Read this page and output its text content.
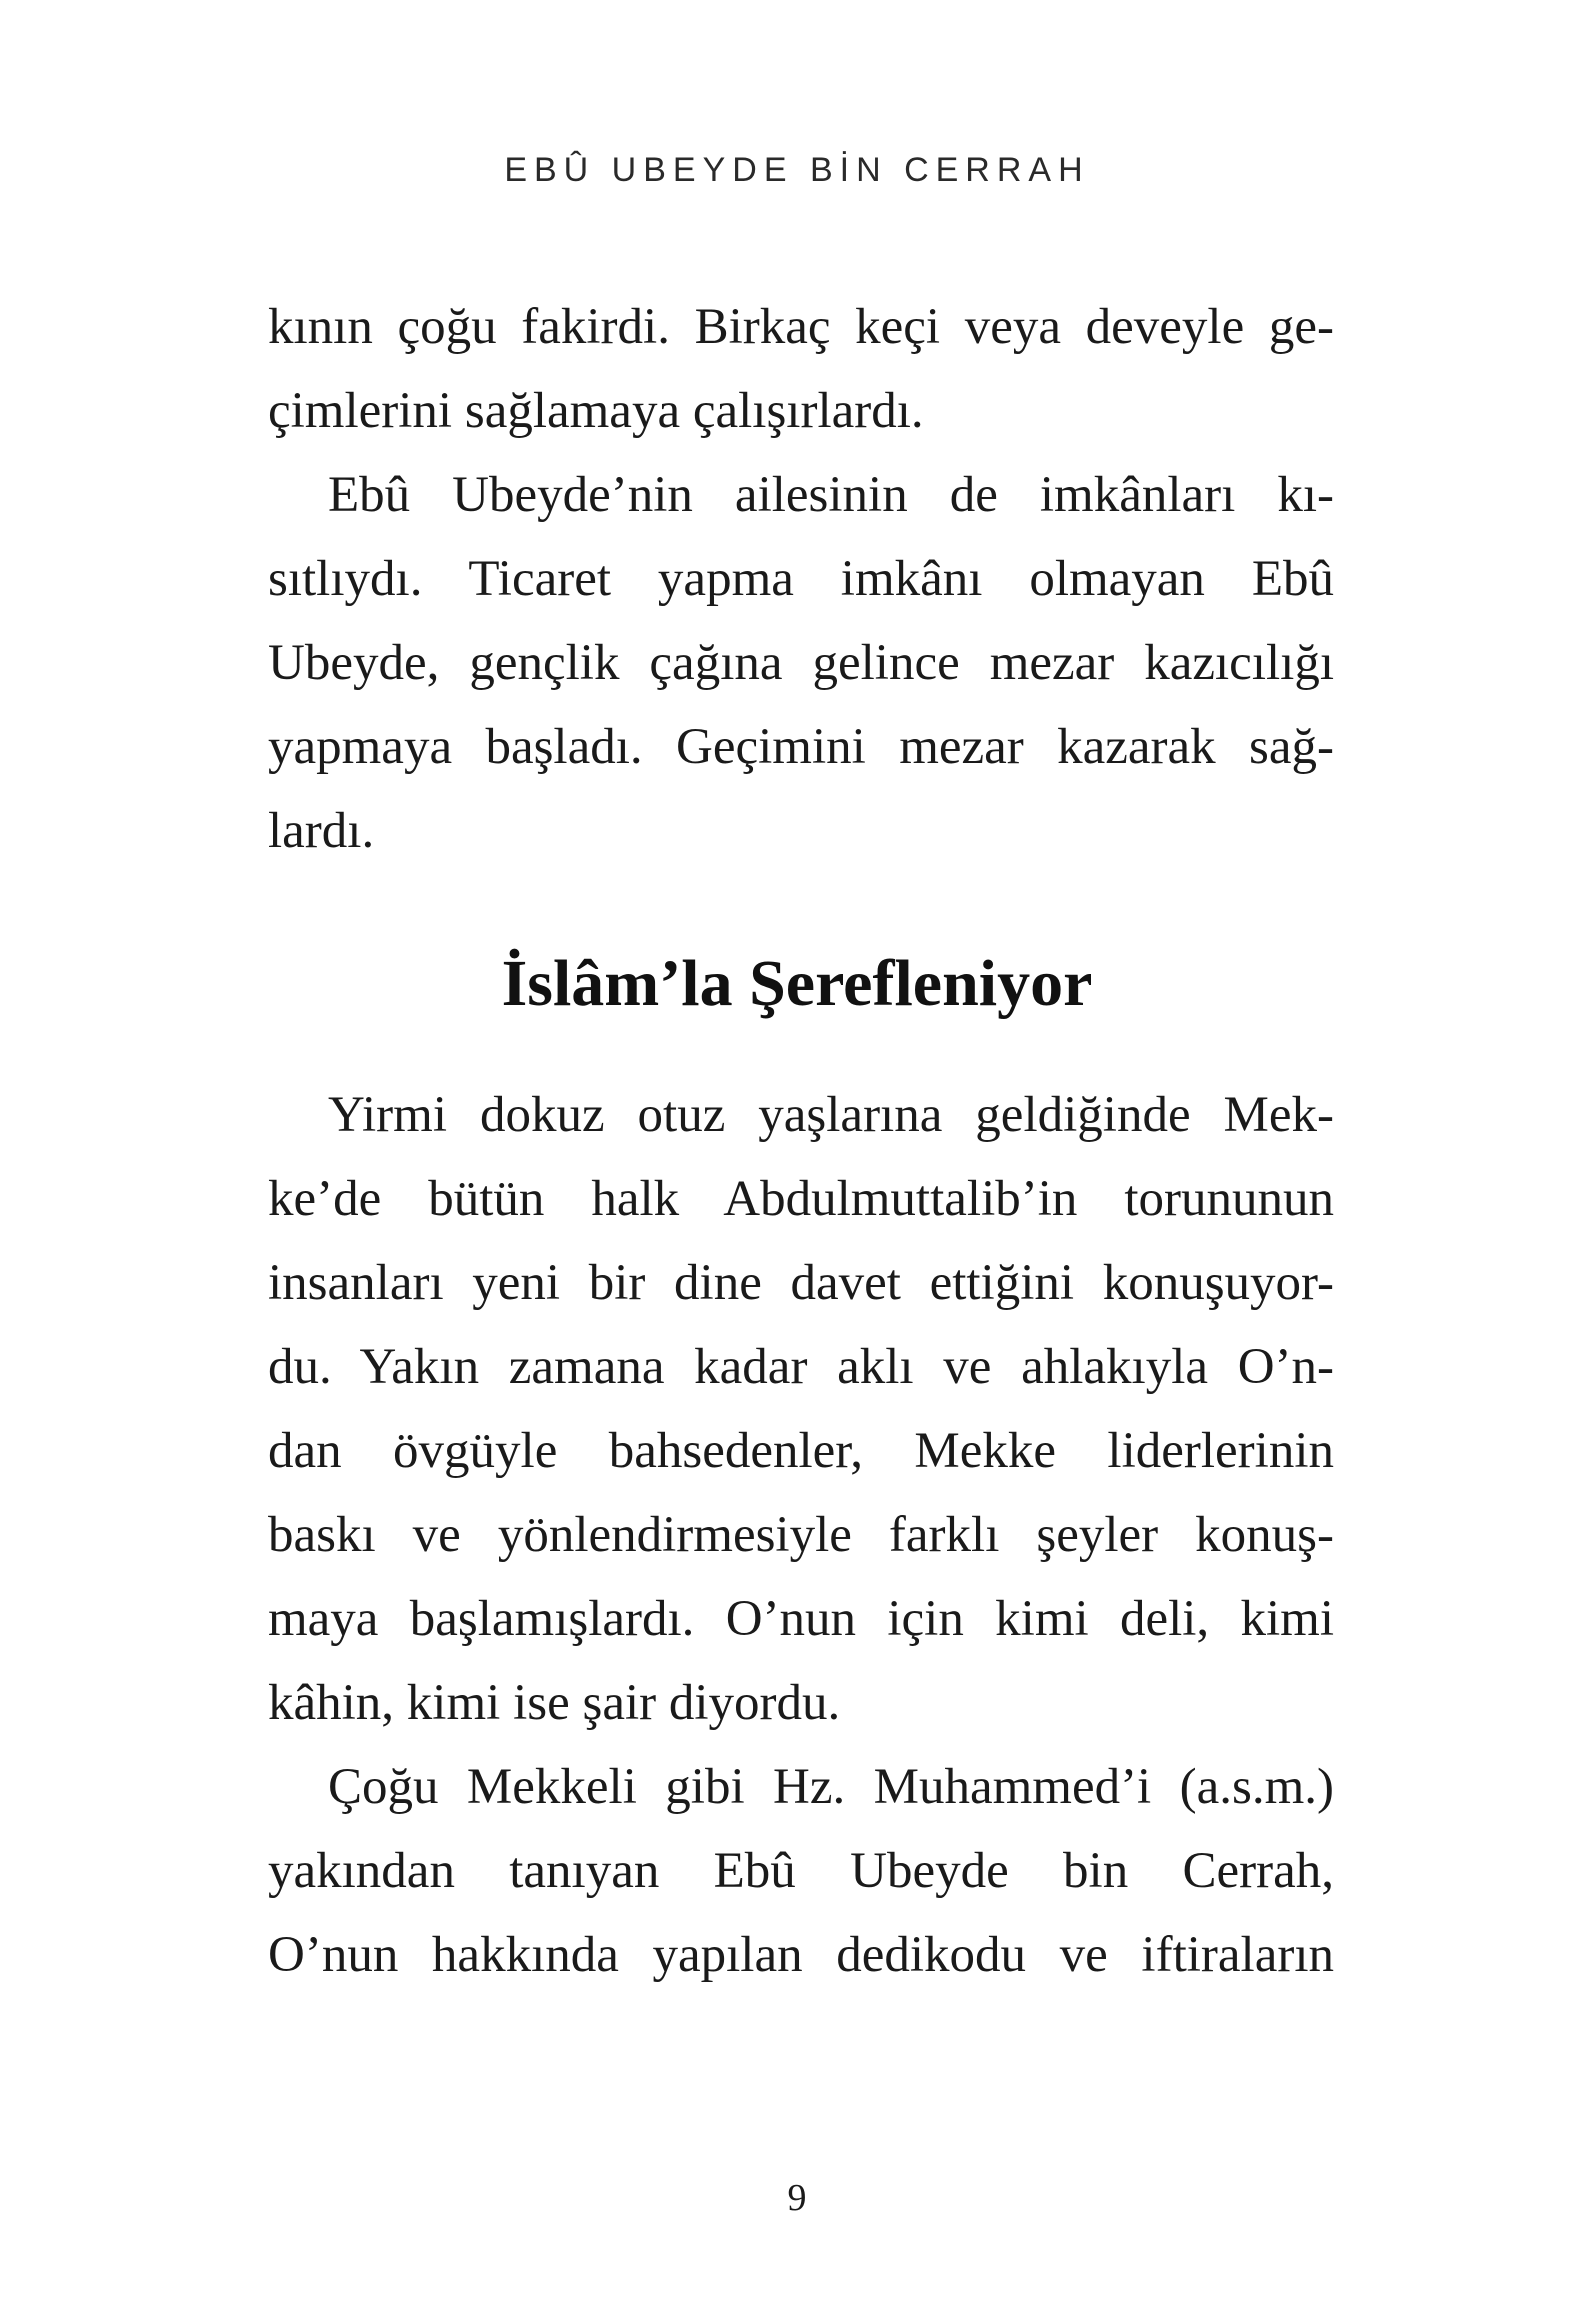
EBÛ UBEYDE BİN CERRAH

kının çoğu fakirdi. Birkaç keçi veya deveyle ge-
çimlerini sağlamaya çalışırlardı.

Ebû Ubeyde’nin ailesinin de imkânları kı-
sıtlıydı. Ticaret yapma imkânı olmayan Ebû
Ubeyde, gençlik çağına gelince mezar kazıcılığı
yapmaya başladı. Geçimini mezar kazarak sağ-
lardı.

İslâm’la Şerefleniyor

Yirmi dokuz otuz yaşlarına geldiğinde Mek-
ke’de bütün halk Abdulmuttalib’in torununun
insanları yeni bir dine davet ettiğini konuşuyor-
du. Yakın zamana kadar aklı ve ahlakıyla O’n-
dan övgüyle bahsedenler, Mekke liderlerinin
baskı ve yönlendirmesiyle farklı şeyler konuş-
maya başlamışlardı. O’nun için kimi deli, kimi
kâhin, kimi ise şair diyordu.

Çoğu Mekkeli gibi Hz. Muhammed’i (a.s.m.)
yakından tanıyan Ebû Ubeyde bin Cerrah,
O’nun hakkında yapılan dedikodu ve iftiraların

9
